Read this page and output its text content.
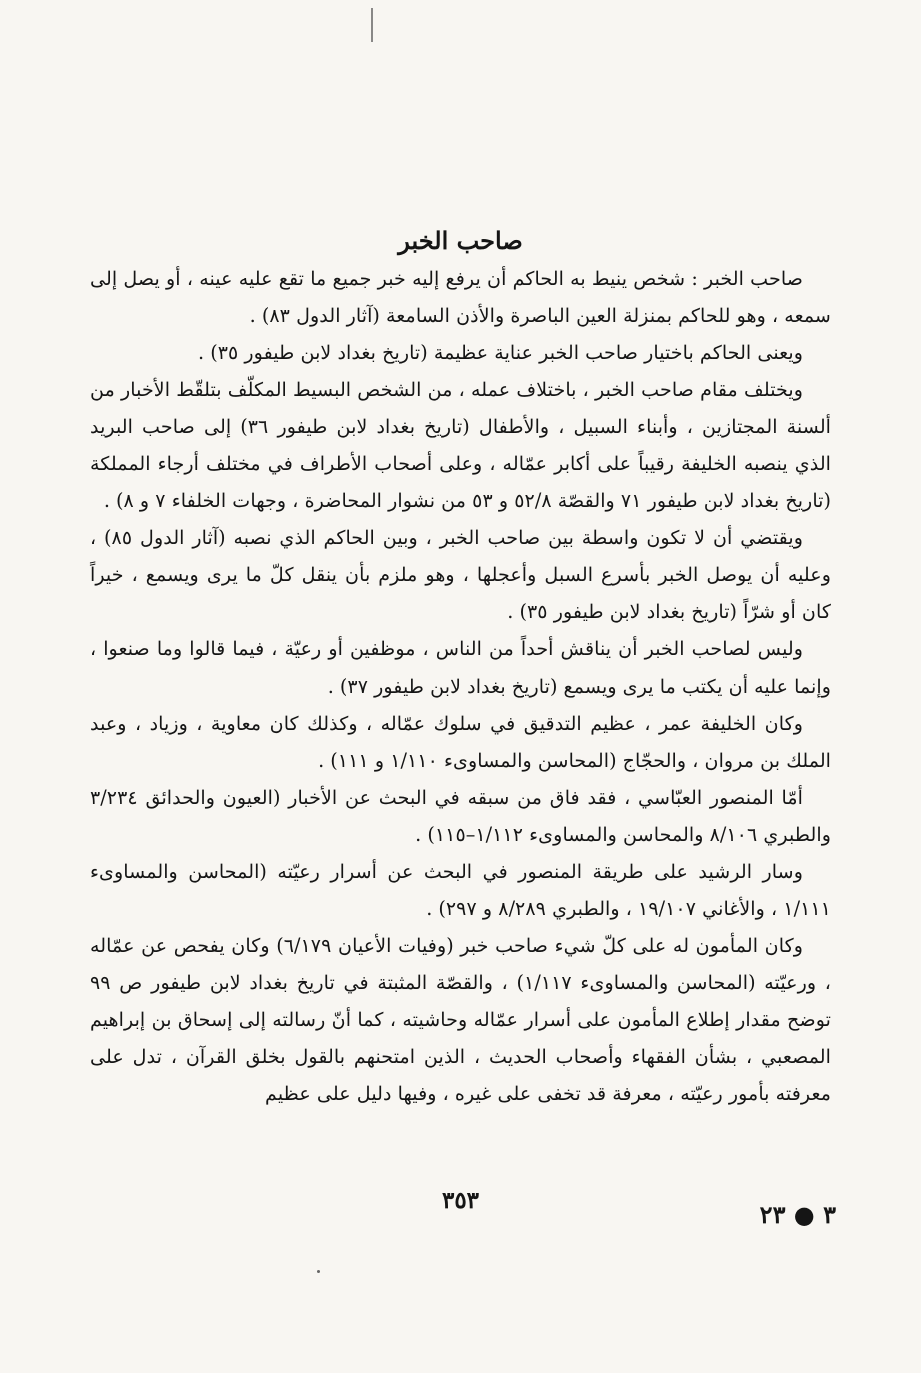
صاحب الخبر

صاحب الخبر : شخص ينيط به الحاكم أن يرفع إليه خبر جميع ما تقع عليه عينه ، أو يصل إلى سمعه ، وهو للحاكم بمنزلة العين الباصرة والأذن السامعة (آثار الدول ٨٣) .

ويعنى الحاكم باختيار صاحب الخبر عناية عظيمة (تاريخ بغداد لابن طيفور ٣٥) .

ويختلف مقام صاحب الخبر ، باختلاف عمله ، من الشخص البسيط المكلّف بتلقّط الأخبار من ألسنة المجتازين ، وأبناء السبيل ، والأطفال (تاريخ بغداد لابن طيفور ٣٦) إلى صاحب البريد الذي ينصبه الخليفة رقيباً على أكابر عمّاله ، وعلى أصحاب الأطراف في مختلف أرجاء المملكة (تاريخ بغداد لابن طيفور ٧١ والقصّة ٥٢/٨ و ٥٣ من نشوار المحاضرة ، وجهات الخلفاء ٧ و ٨) .

ويقتضي أن لا تكون واسطة بين صاحب الخبر ، وبين الحاكم الذي نصبه (آثار الدول ٨٥) ، وعليه أن يوصل الخبر بأسرع السبل وأعجلها ، وهو ملزم بأن ينقل كلّ ما يرى ويسمع ، خيراً كان أو شرّاً (تاريخ بغداد لابن طيفور ٣٥) .

وليس لصاحب الخبر أن يناقش أحداً من الناس ، موظفين أو رعيّة ، فيما قالوا وما صنعوا ، وإنما عليه أن يكتب ما يرى ويسمع (تاريخ بغداد لابن طيفور ٣٧) .

وكان الخليفة عمر ، عظيم التدقيق في سلوك عمّاله ، وكذلك كان معاوية ، وزياد ، وعبد الملك بن مروان ، والحجّاج (المحاسن والمساوىء ١/١١٠ و ١١١) .

أمّا المنصور العبّاسي ، فقد فاق من سبقه في البحث عن الأخبار (العيون والحدائق ٣/٢٣٤ والطبري ٨/١٠٦ والمحاسن والمساوىء ١/١١٢–١١٥) .

وسار الرشيد على طريقة المنصور في البحث عن أسرار رعيّته (المحاسن والمساوىء ١/١١١ ، والأغاني ١٩/١٠٧ ، والطبري ٨/٢٨٩ و ٢٩٧) .

وكان المأمون له على كلّ شيء صاحب خبر (وفيات الأعيان ٦/١٧٩) وكان يفحص عن عمّاله ، ورعيّته (المحاسن والمساوىء ١/١١٧) ، والقصّة المثبتة في تاريخ بغداد لابن طيفور ص ٩٩ توضح مقدار إطلاع المأمون على أسرار عمّاله وحاشيته ، كما أنّ رسالته إلى إسحاق بن إبراهيم المصعبي ، بشأن الفقهاء وأصحاب الحديث ، الذين امتحنهم بالقول بخلق القرآن ، تدل على معرفته بأمور رعيّته ، معرفة قد تخفى على غيره ، وفيها دليل على عظيم

٣٥٣	٣ ● ٢٣
